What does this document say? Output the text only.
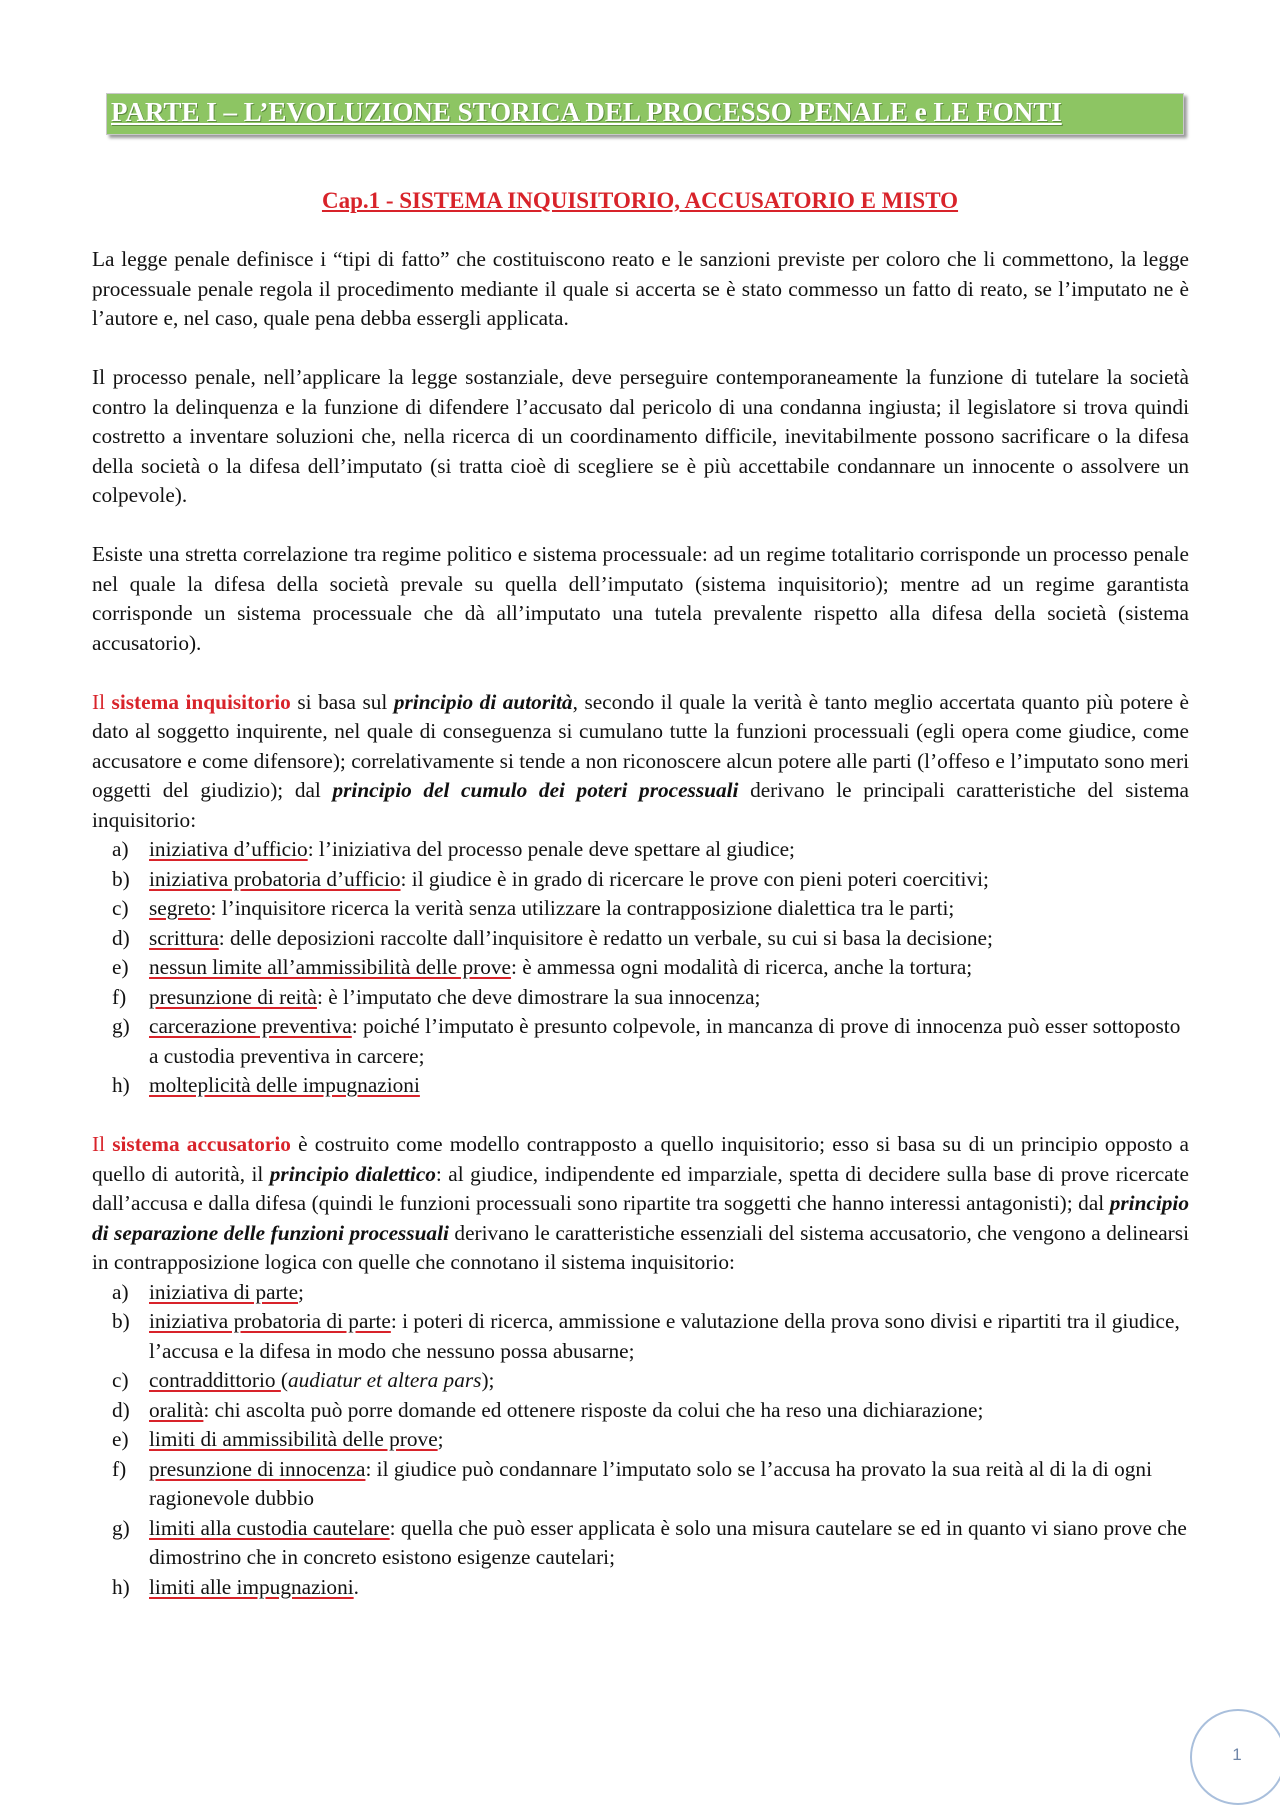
PARTE I – L’EVOLUZIONE STORICA DEL PROCESSO PENALE e LE FONTI
Cap.1 - SISTEMA INQUISITORIO, ACCUSATORIO E MISTO

La legge penale definisce i “tipi di fatto” che costituiscono reato e le sanzioni previste per coloro che li commettono, la legge processuale penale regola il procedimento mediante il quale si accerta se è stato commesso un fatto di reato, se l’imputato ne è l’autore e, nel caso, quale pena debba essergli applicata.

Il processo penale, nell’applicare la legge sostanziale, deve perseguire contemporaneamente la funzione di tutelare la società contro la delinquenza e la funzione di difendere l’accusato dal pericolo di una condanna ingiusta; il legislatore si trova quindi costretto a inventare soluzioni che, nella ricerca di un coordinamento difficile, inevitabilmente possono sacrificare o la difesa della società o la difesa dell’imputato (si tratta cioè di scegliere se è più accettabile condannare un innocente o assolvere un colpevole).

Esiste una stretta correlazione tra regime politico e sistema processuale: ad un regime totalitario corrisponde un processo penale nel quale la difesa della società prevale su quella dell’imputato (sistema inquisitorio); mentre ad un regime garantista corrisponde un sistema processuale che dà all’imputato una tutela prevalente rispetto alla difesa della società (sistema accusatorio).

Il sistema inquisitorio si basa sul principio di autorità, secondo il quale la verità è tanto meglio accertata quanto più potere è dato al soggetto inquirente, nel quale di conseguenza si cumulano tutte la funzioni processuali (egli opera come giudice, come accusatore e come difensore); correlativamente si tende a non riconoscere alcun potere alle parti (l’offeso e l’imputato sono meri oggetti del giudizio); dal principio del cumulo dei poteri processuali derivano le principali caratteristiche del sistema inquisitorio:

a) iniziativa d’ufficio: l’iniziativa del processo penale deve spettare al giudice;
b) iniziativa probatoria d’ufficio: il giudice è in grado di ricercare le prove con pieni poteri coercitivi;
c) segreto: l’inquisitore ricerca la verità senza utilizzare la contrapposizione dialettica tra le parti;
d) scrittura: delle deposizioni raccolte dall’inquisitore è redatto un verbale, su cui si basa la decisione;
e) nessun limite all’ammissibilità delle prove: è ammessa ogni modalità di ricerca, anche la tortura;
f) presunzione di reità: è l’imputato che deve dimostrare la sua innocenza;
g) carcerazione preventiva: poiché l’imputato è presunto colpevole, in mancanza di prove di innocenza può esser sottoposto a custodia preventiva in carcere;
h) molteplicità delle impugnazioni

Il sistema accusatorio è costruito come modello contrapposto a quello inquisitorio; esso si basa su di un principio opposto a quello di autorità, il principio dialettico: al giudice, indipendente ed imparziale, spetta di decidere sulla base di prove ricercate dall’accusa e dalla difesa (quindi le funzioni processuali sono ripartite tra soggetti che hanno interessi antagonisti); dal principio di separazione delle funzioni processuali derivano le caratteristiche essenziali del sistema accusatorio, che vengono a delinearsi in contrapposizione logica con quelle che connotano il sistema inquisitorio:

a) iniziativa di parte;
b) iniziativa probatoria di parte: i poteri di ricerca, ammissione e valutazione della prova sono divisi e ripartiti tra il giudice, l’accusa e la difesa in modo che nessuno possa abusarne;
c) contraddittorio (audiatur et altera pars);
d) oralità: chi ascolta può porre domande ed ottenere risposte da colui che ha reso una dichiarazione;
e) limiti di ammissibilità delle prove;
f) presunzione di innocenza: il giudice può condannare l’imputato solo se l’accusa ha provato la sua reità al di la di ogni ragionevole dubbio
g) limiti alla custodia cautelare: quella che può esser applicata è solo una misura cautelare se ed in quanto vi siano prove che dimostrino che in concreto esistono esigenze cautelari;
h) limiti alle impugnazioni.
1
